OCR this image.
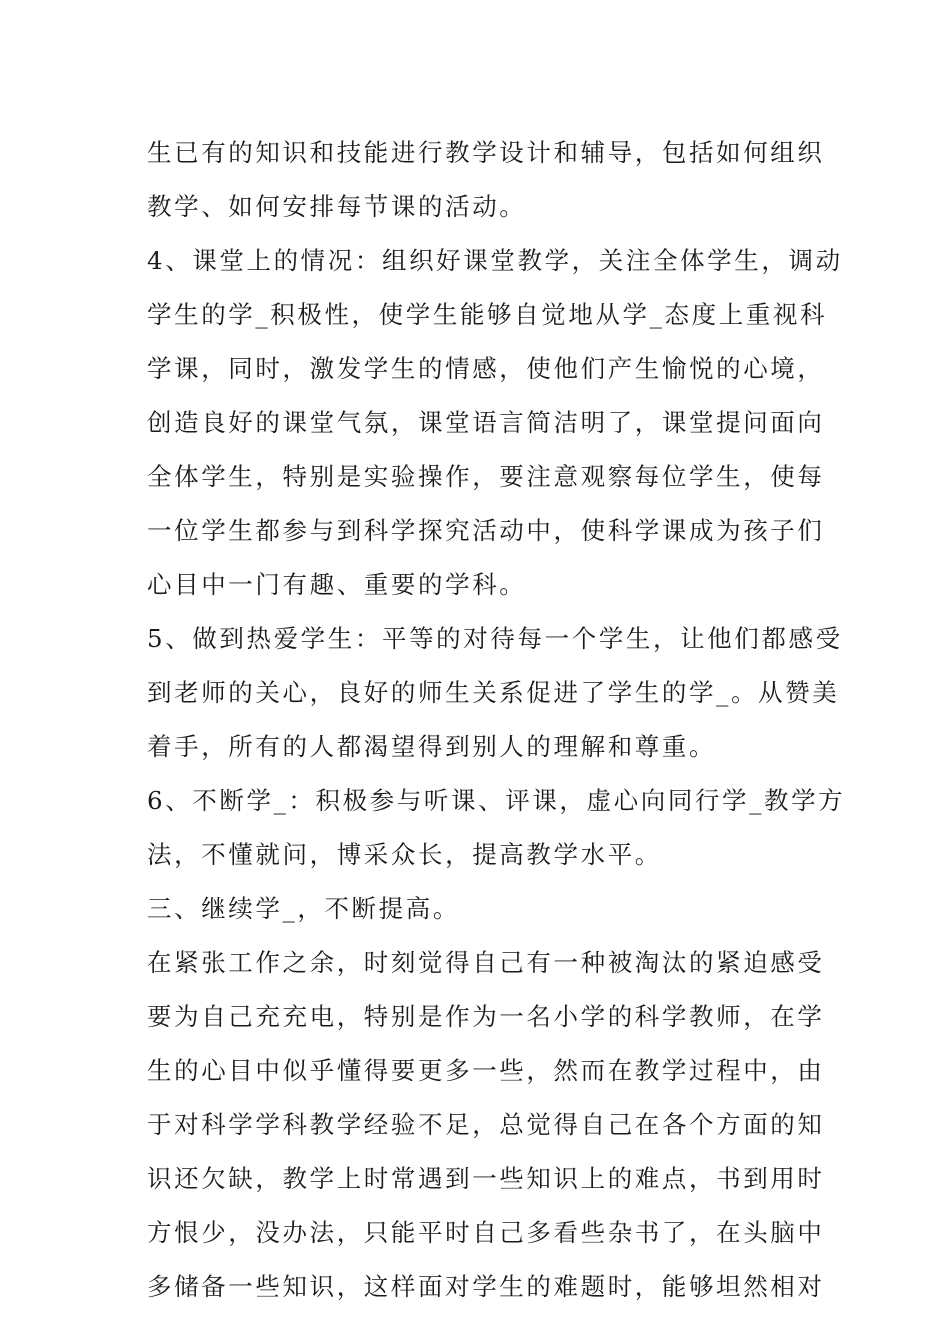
生已有的知识和技能进行教学设计和辅导，包括如何组织
教学、如何安排每节课的活动。
4、课堂上的情况：组织好课堂教学，关注全体学生，调动
学生的学_积极性，使学生能够自觉地从学_态度上重视科
学课，同时，激发学生的情感，使他们产生愉悦的心境，
创造良好的课堂气氛，课堂语言简洁明了，课堂提问面向
全体学生，特别是实验操作，要注意观察每位学生，使每
一位学生都参与到科学探究活动中，使科学课成为孩子们
心目中一门有趣、重要的学科。
5、做到热爱学生：平等的对待每一个学生，让他们都感受
到老师的关心，良好的师生关系促进了学生的学_。从赞美
着手，所有的人都渴望得到别人的理解和尊重。
6、不断学_：积极参与听课、评课，虚心向同行学_教学方
法，不懂就问，博采众长，提高教学水平。
三、继续学_，不断提高。
在紧张工作之余，时刻觉得自己有一种被淘汰的紧迫感受
要为自己充充电，特别是作为一名小学的科学教师，在学
生的心目中似乎懂得要更多一些，然而在教学过程中，由
于对科学学科教学经验不足，总觉得自己在各个方面的知
识还欠缺，教学上时常遇到一些知识上的难点，书到用时
方恨少，没办法，只能平时自己多看些杂书了，在头脑中
多储备一些知识，这样面对学生的难题时，能够坦然相对
